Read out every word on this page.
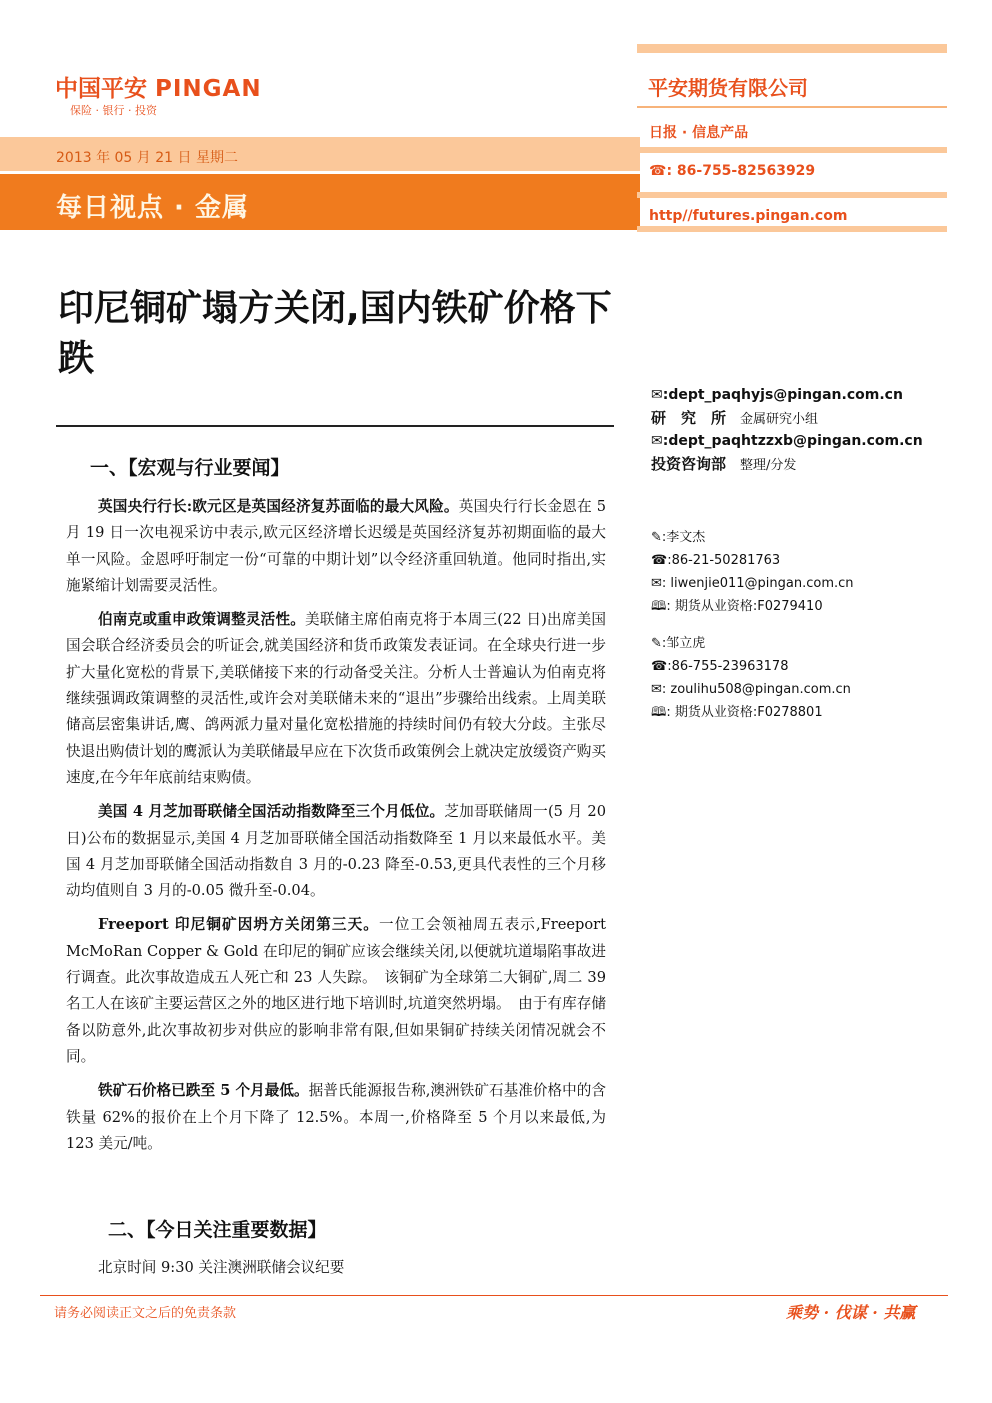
中国平安 PINGAN
保险 · 银行 · 投资
2013 年 05 月 21 日 星期二
每日视点 · 金属
平安期货有限公司
日报 · 信息产品
☎: 86-755-82563929
http//futures.pingan.com
印尼铜矿塌方关闭,国内铁矿价格下跌
✉:dept_paqhyjs@pingan.com.cn
研　究　所 金属研究小组
✉:dept_paqhtzzxb@pingan.com.cn
投资咨询部 整理/分发
✎:李文杰
☎:86-21-50281763
✉: liwenjie011@pingan.com.cn
🕮: 期货从业资格:F0279410
✎:邹立虎
☎:86-755-23963178
✉: zoulihu508@pingan.com.cn
🕮: 期货从业资格:F0278801
一、【宏观与行业要闻】

英国央行行长:欧元区是英国经济复苏面临的最大风险。英国央行行长金恩在 5 月 19 日一次电视采访中表示,欧元区经济增长迟缓是英国经济复苏初期面临的最大单一风险。金恩呼吁制定一份“可靠的中期计划”以令经济重回轨道。他同时指出,实施紧缩计划需要灵活性。

伯南克或重申政策调整灵活性。美联储主席伯南克将于本周三(22 日)出席美国国会联合经济委员会的听证会,就美国经济和货币政策发表证词。在全球央行进一步扩大量化宽松的背景下,美联储接下来的行动备受关注。分析人士普遍认为伯南克将继续强调政策调整的灵活性,或许会对美联储未来的“退出”步骤给出线索。上周美联储高层密集讲话,鹰、鸽两派力量对量化宽松措施的持续时间仍有较大分歧。主张尽快退出购债计划的鹰派认为美联储最早应在下次货币政策例会上就决定放缓资产购买速度,在今年年底前结束购债。

美国 4 月芝加哥联储全国活动指数降至三个月低位。芝加哥联储周一(5 月 20 日)公布的数据显示,美国 4 月芝加哥联储全国活动指数降至 1 月以来最低水平。美国 4 月芝加哥联储全国活动指数自 3 月的-0.23 降至-0.53,更具代表性的三个月移动均值则自 3 月的-0.05 微升至-0.04。

Freeport 印尼铜矿因坍方关闭第三天。一位工会领袖周五表示,Freeport McMoRan Copper & Gold 在印尼的铜矿应该会继续关闭,以便就坑道塌陷事故进行调查。此次事故造成五人死亡和 23 人失踪。　该铜矿为全球第二大铜矿,周二 39 名工人在该矿主要运营区之外的地区进行地下培训时,坑道突然坍塌。　由于有库存储备以防意外,此次事故初步对供应的影响非常有限,但如果铜矿持续关闭情况就会不同。

铁矿石价格已跌至 5 个月最低。据普氏能源报告称,澳洲铁矿石基准价格中的含铁量 62%的报价在上个月下降了 12.5%。本周一,价格降至 5 个月以来最低,为 123 美元/吨。

二、【今日关注重要数据】
北京时间 9:30 关注澳洲联储会议纪要
请务必阅读正文之后的免责条款	乘势 · 伐谋 · 共赢
